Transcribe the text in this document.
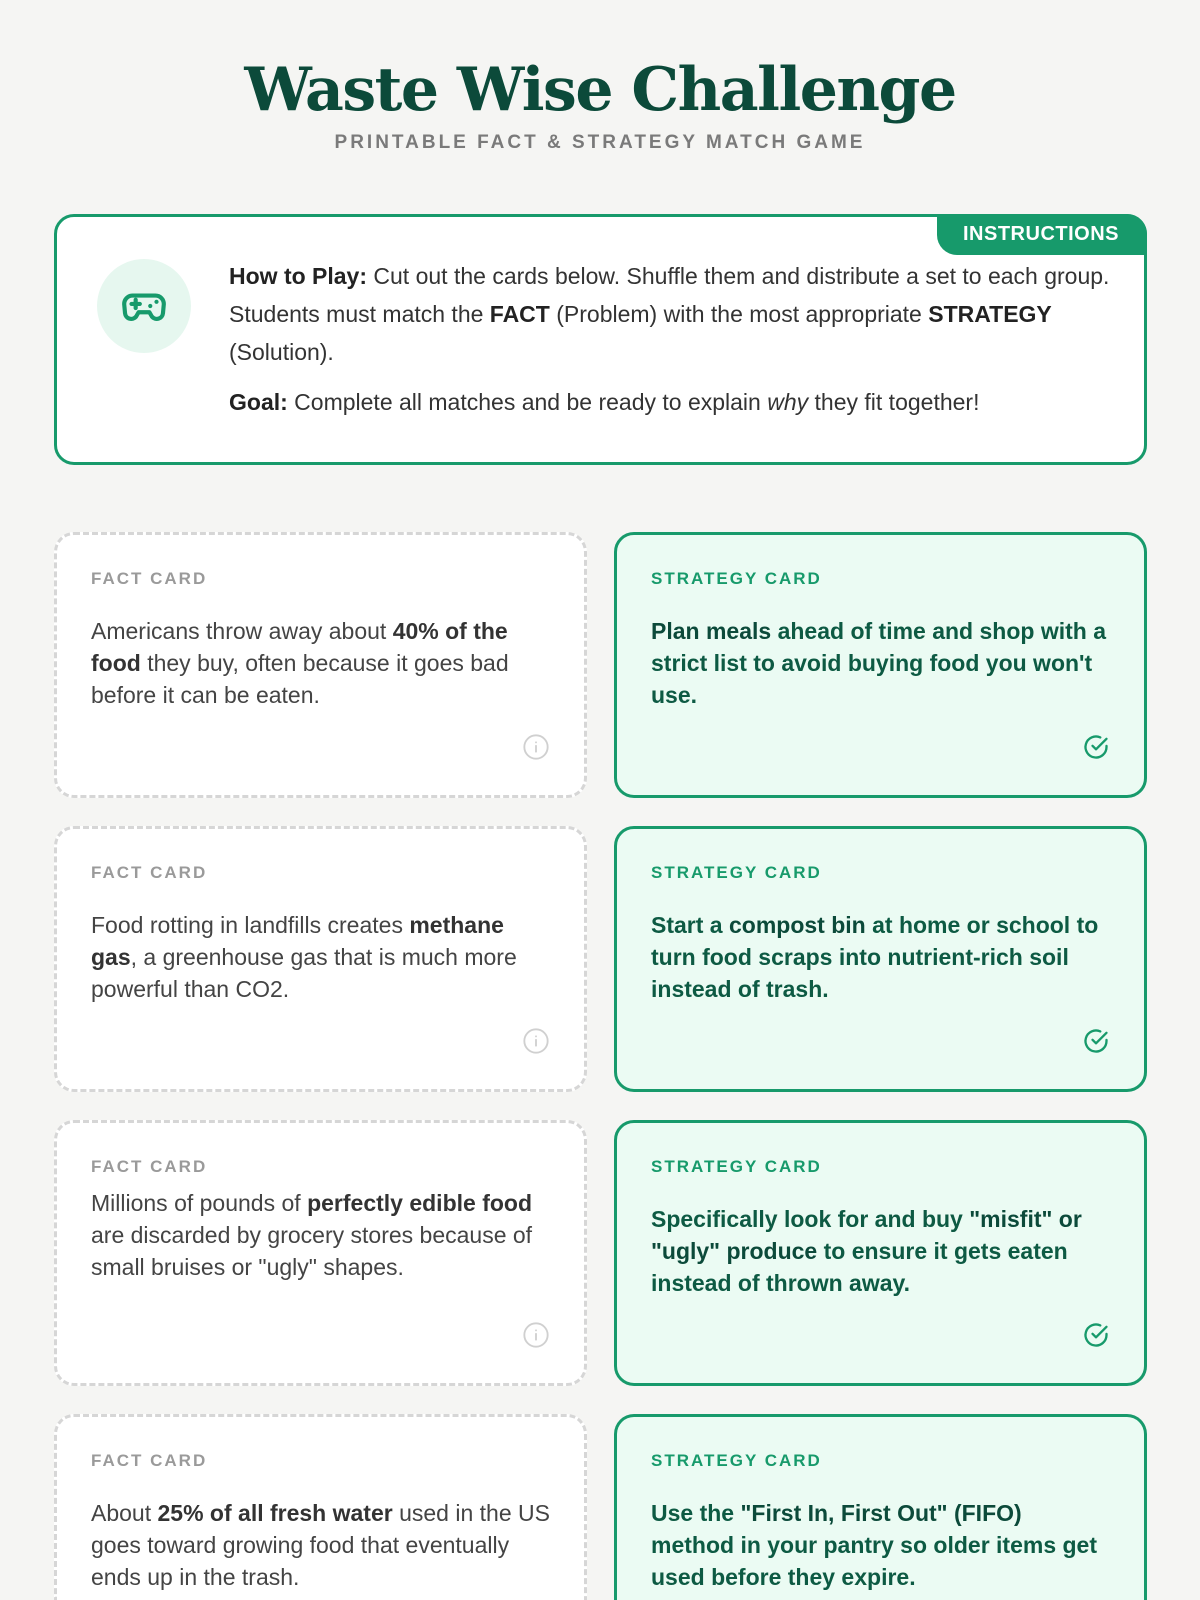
Waste Wise Challenge
PRINTABLE FACT & STRATEGY MATCH GAME
INSTRUCTIONS

How to Play: Cut out the cards below. Shuffle them and distribute a set to each group. Students must match the FACT (Problem) with the most appropriate STRATEGY (Solution).

Goal: Complete all matches and be ready to explain why they fit together!

FACT CARD

Americans throw away about 40% of the food they buy, often because it goes bad before it can be eaten.

STRATEGY CARD

Plan meals ahead of time and shop with a strict list to avoid buying food you won't use.

FACT CARD

Food rotting in landfills creates methane gas, a greenhouse gas that is much more powerful than CO2.

STRATEGY CARD

Start a compost bin at home or school to turn food scraps into nutrient-rich soil instead of trash.

FACT CARD

Millions of pounds of perfectly edible food are discarded by grocery stores because of small bruises or "ugly" shapes.

STRATEGY CARD

Specifically look for and buy "misfit" or "ugly" produce to ensure it gets eaten instead of thrown away.

FACT CARD

About 25% of all fresh water used in the US goes toward growing food that eventually ends up in the trash.

STRATEGY CARD

Use the "First In, First Out" (FIFO) method in your pantry so older items get used before they expire.
